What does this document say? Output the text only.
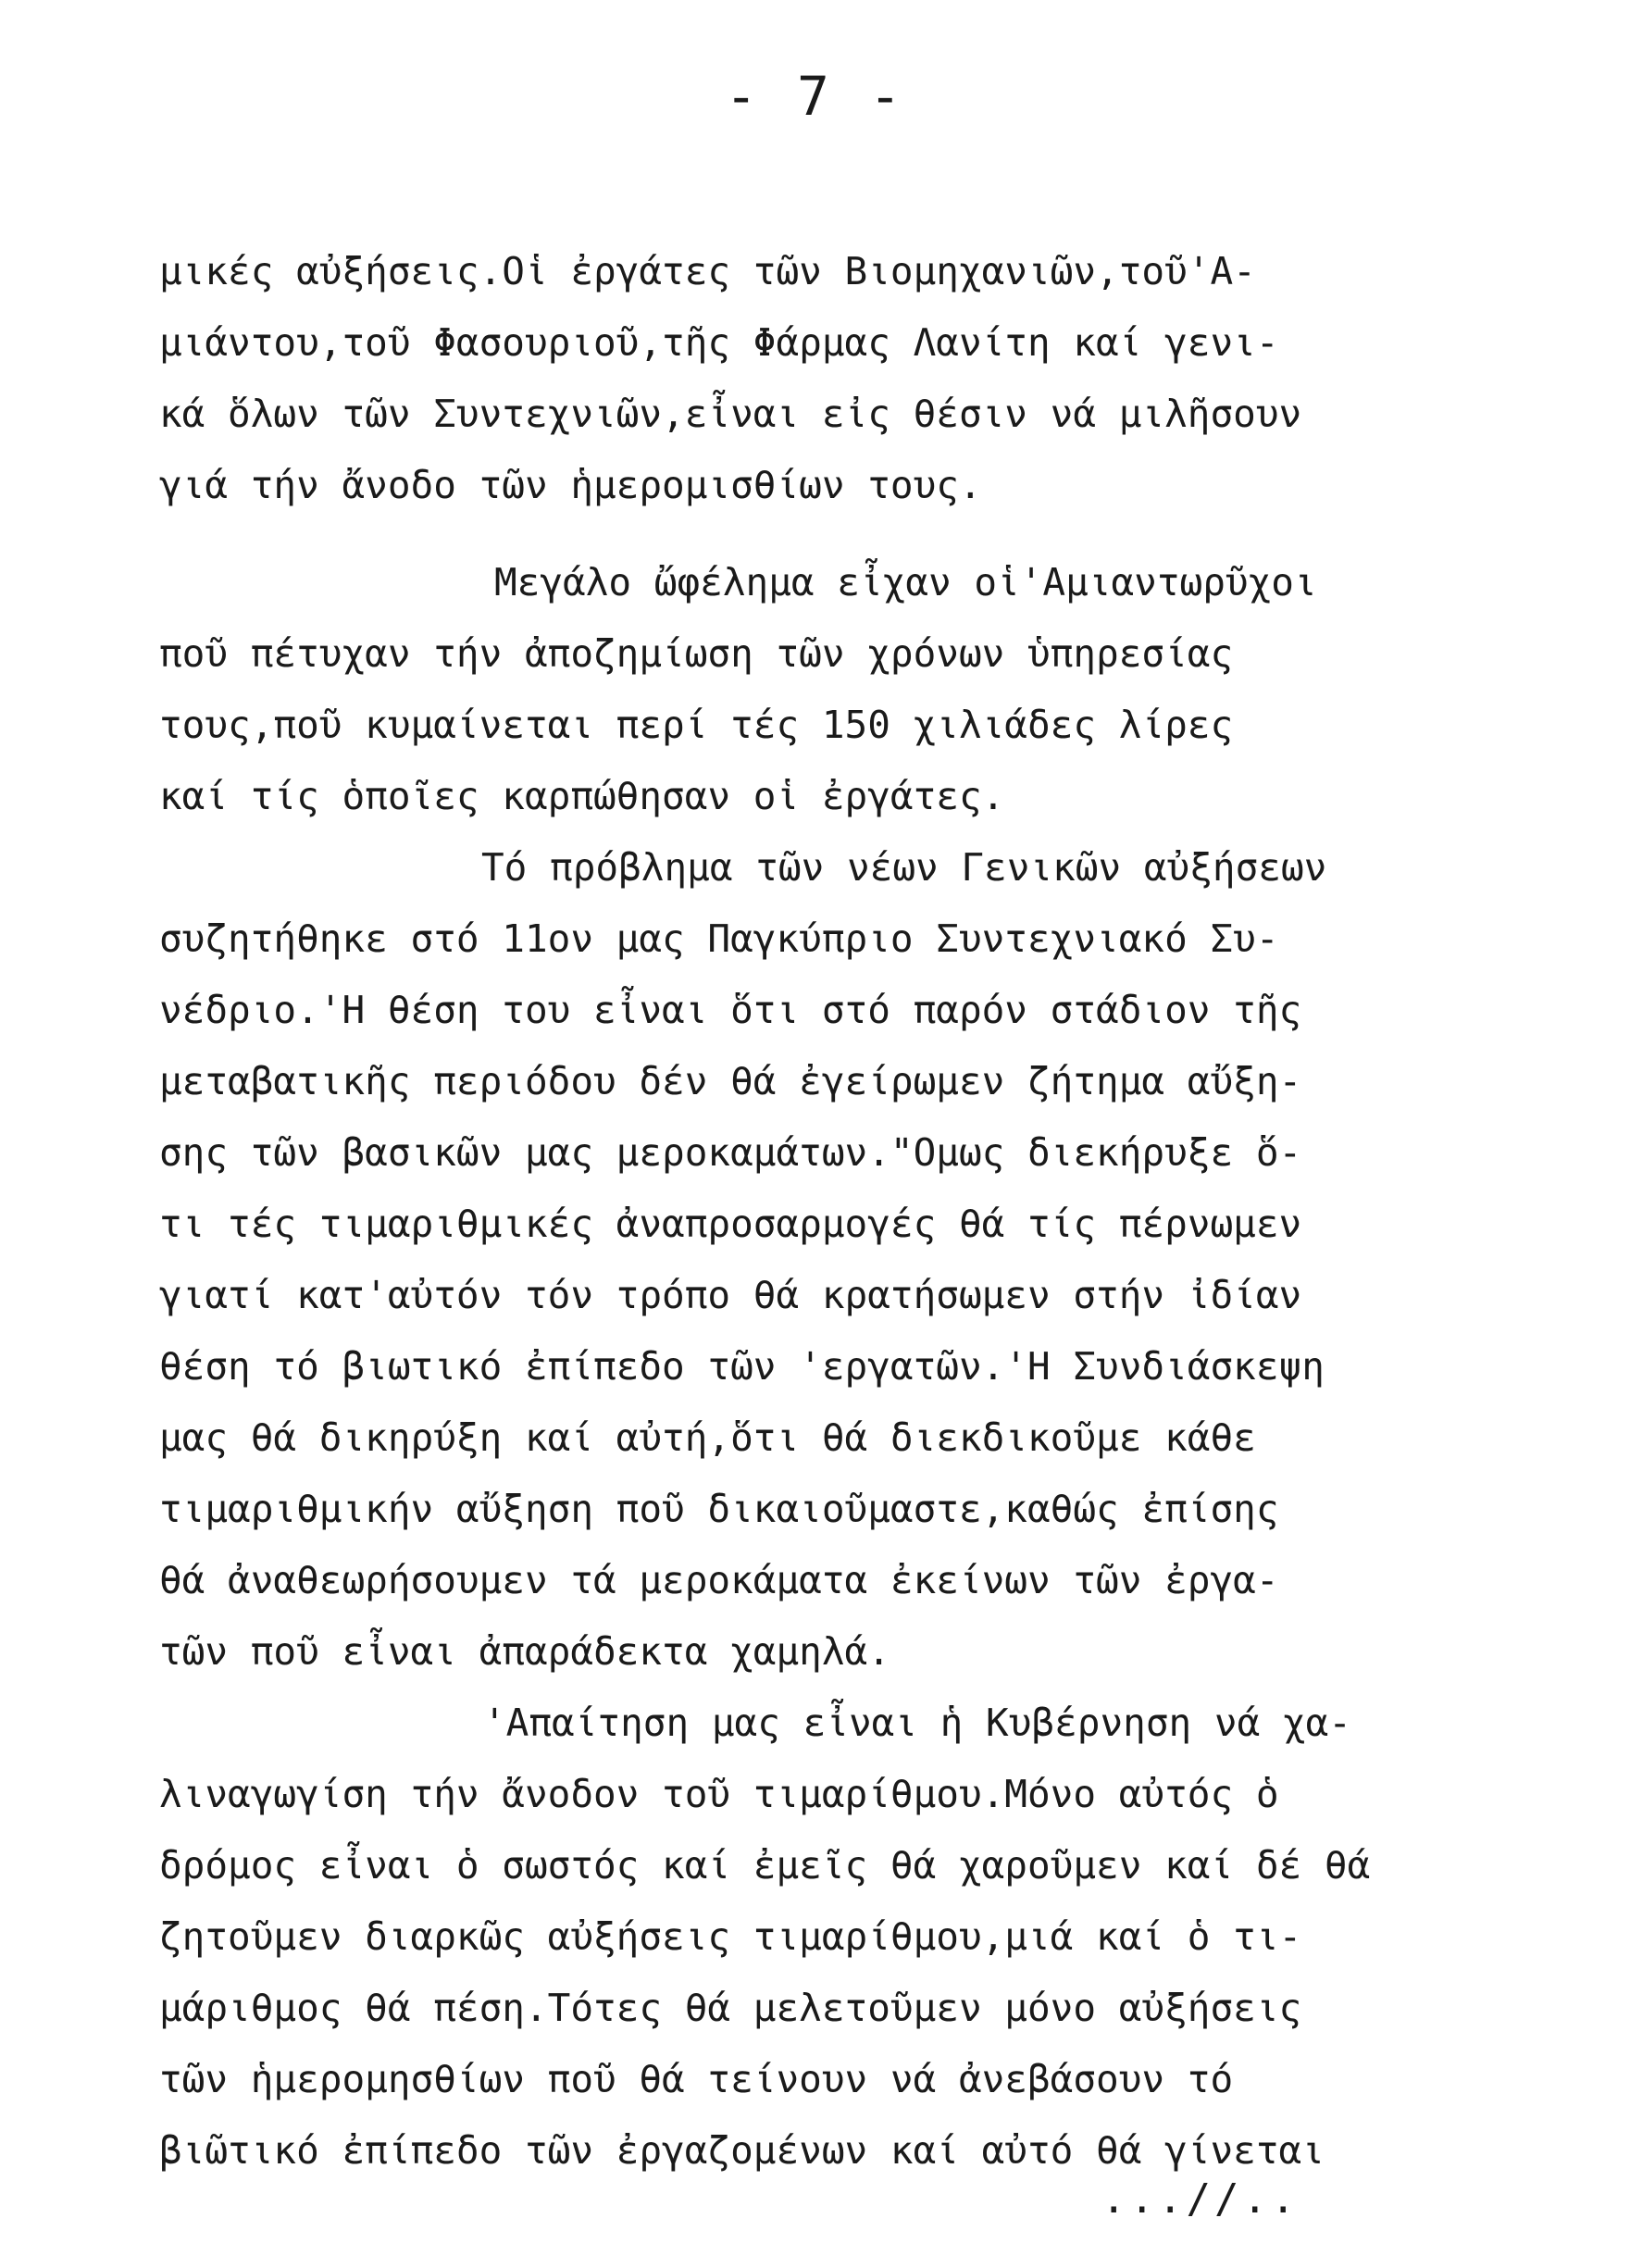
- 7 -
μικές αὐξήσεις.Οἱ ἐργάτες τῶν Βιομηχανιῶν,τοῦ'Α-
μιάντου,τοῦ Φασουριοῦ,τῆς Φάρμας Λανίτη καί γενι-
κά ὅλων τῶν Συντεχνιῶν,εἶναι εἰς θέσιν νά μιλῆσουν
γιά τήν ἄνοδο τῶν ἡμερομισθίων τους.
Μεγάλο ὤφέλημα εἶχαν οἱ'Αμιαντωρῦχοι
ποῦ πέτυχαν τήν ἀποζημίωση τῶν χρόνων ὑπηρεσίας
τους,ποῦ κυμαίνεται περί τές 150 χιλιάδες λίρες
καί τίς ὁποῖες καρπώθησαν οἱ ἐργάτες.
Τό πρόβλημα τῶν νέων Γενικῶν αὐξήσεων
συζητήθηκε στό 11ον μας Παγκύπριο Συντεχνιακό Συ-
νέδριο.'Η θέση του εἶναι ὅτι στό παρόν στάδιον τῆς
μεταβατικῆς περιόδου δέν θά ἐγείρωμεν ζήτημα αὔξη-
σης τῶν βασικῶν μας μεροκαμάτων."Ομως διεκήρυξε ὅ-
τι τές τιμαριθμικές ἀναπροσαρμογές θά τίς πέρνωμεν
γιατί κατ'αὐτόν τόν τρόπο θά κρατήσωμεν στήν ἰδίαν
θέση τό βιωτικό ἐπίπεδο τῶν 'εργατῶν.'Η Συνδιάσκεψη
μας θά δικηρύξη καί αὐτή,ὅτι θά διεκδικοῦμε κάθε
τιμαριθμικήν αὔξηση ποῦ δικαιοῦμαστε,καθώς ἐπίσης
θά ἀναθεωρήσουμεν τά μεροκάματα ἐκείνων τῶν ἐργα-
τῶν ποῦ εἶναι ἀπαράδεκτα χαμηλά.
'Απαίτηση μας εἶναι ἡ Κυβέρνηση νά χα-
λιναγωγίση τήν ἄνοδον τοῦ τιμαρίθμου.Μόνο αὐτός ὁ
δρόμος εἶναι ὁ σωστός καί ἐμεῖς θά χαροῦμεν καί δέ θά
ζητοῦμεν διαρκῶς αὐξήσεις τιμαρίθμου,μιά καί ὁ τι-
μάριθμος θά πέση.Τότες θά μελετοῦμεν μόνο αὐξήσεις
τῶν ἡμερομησθίων ποῦ θά τείνουν νά ἀνεβάσουν τό
βιῶτικό ἐπίπεδο τῶν ἐργαζομένων καί αὐτό θά γίνεται
...//..
